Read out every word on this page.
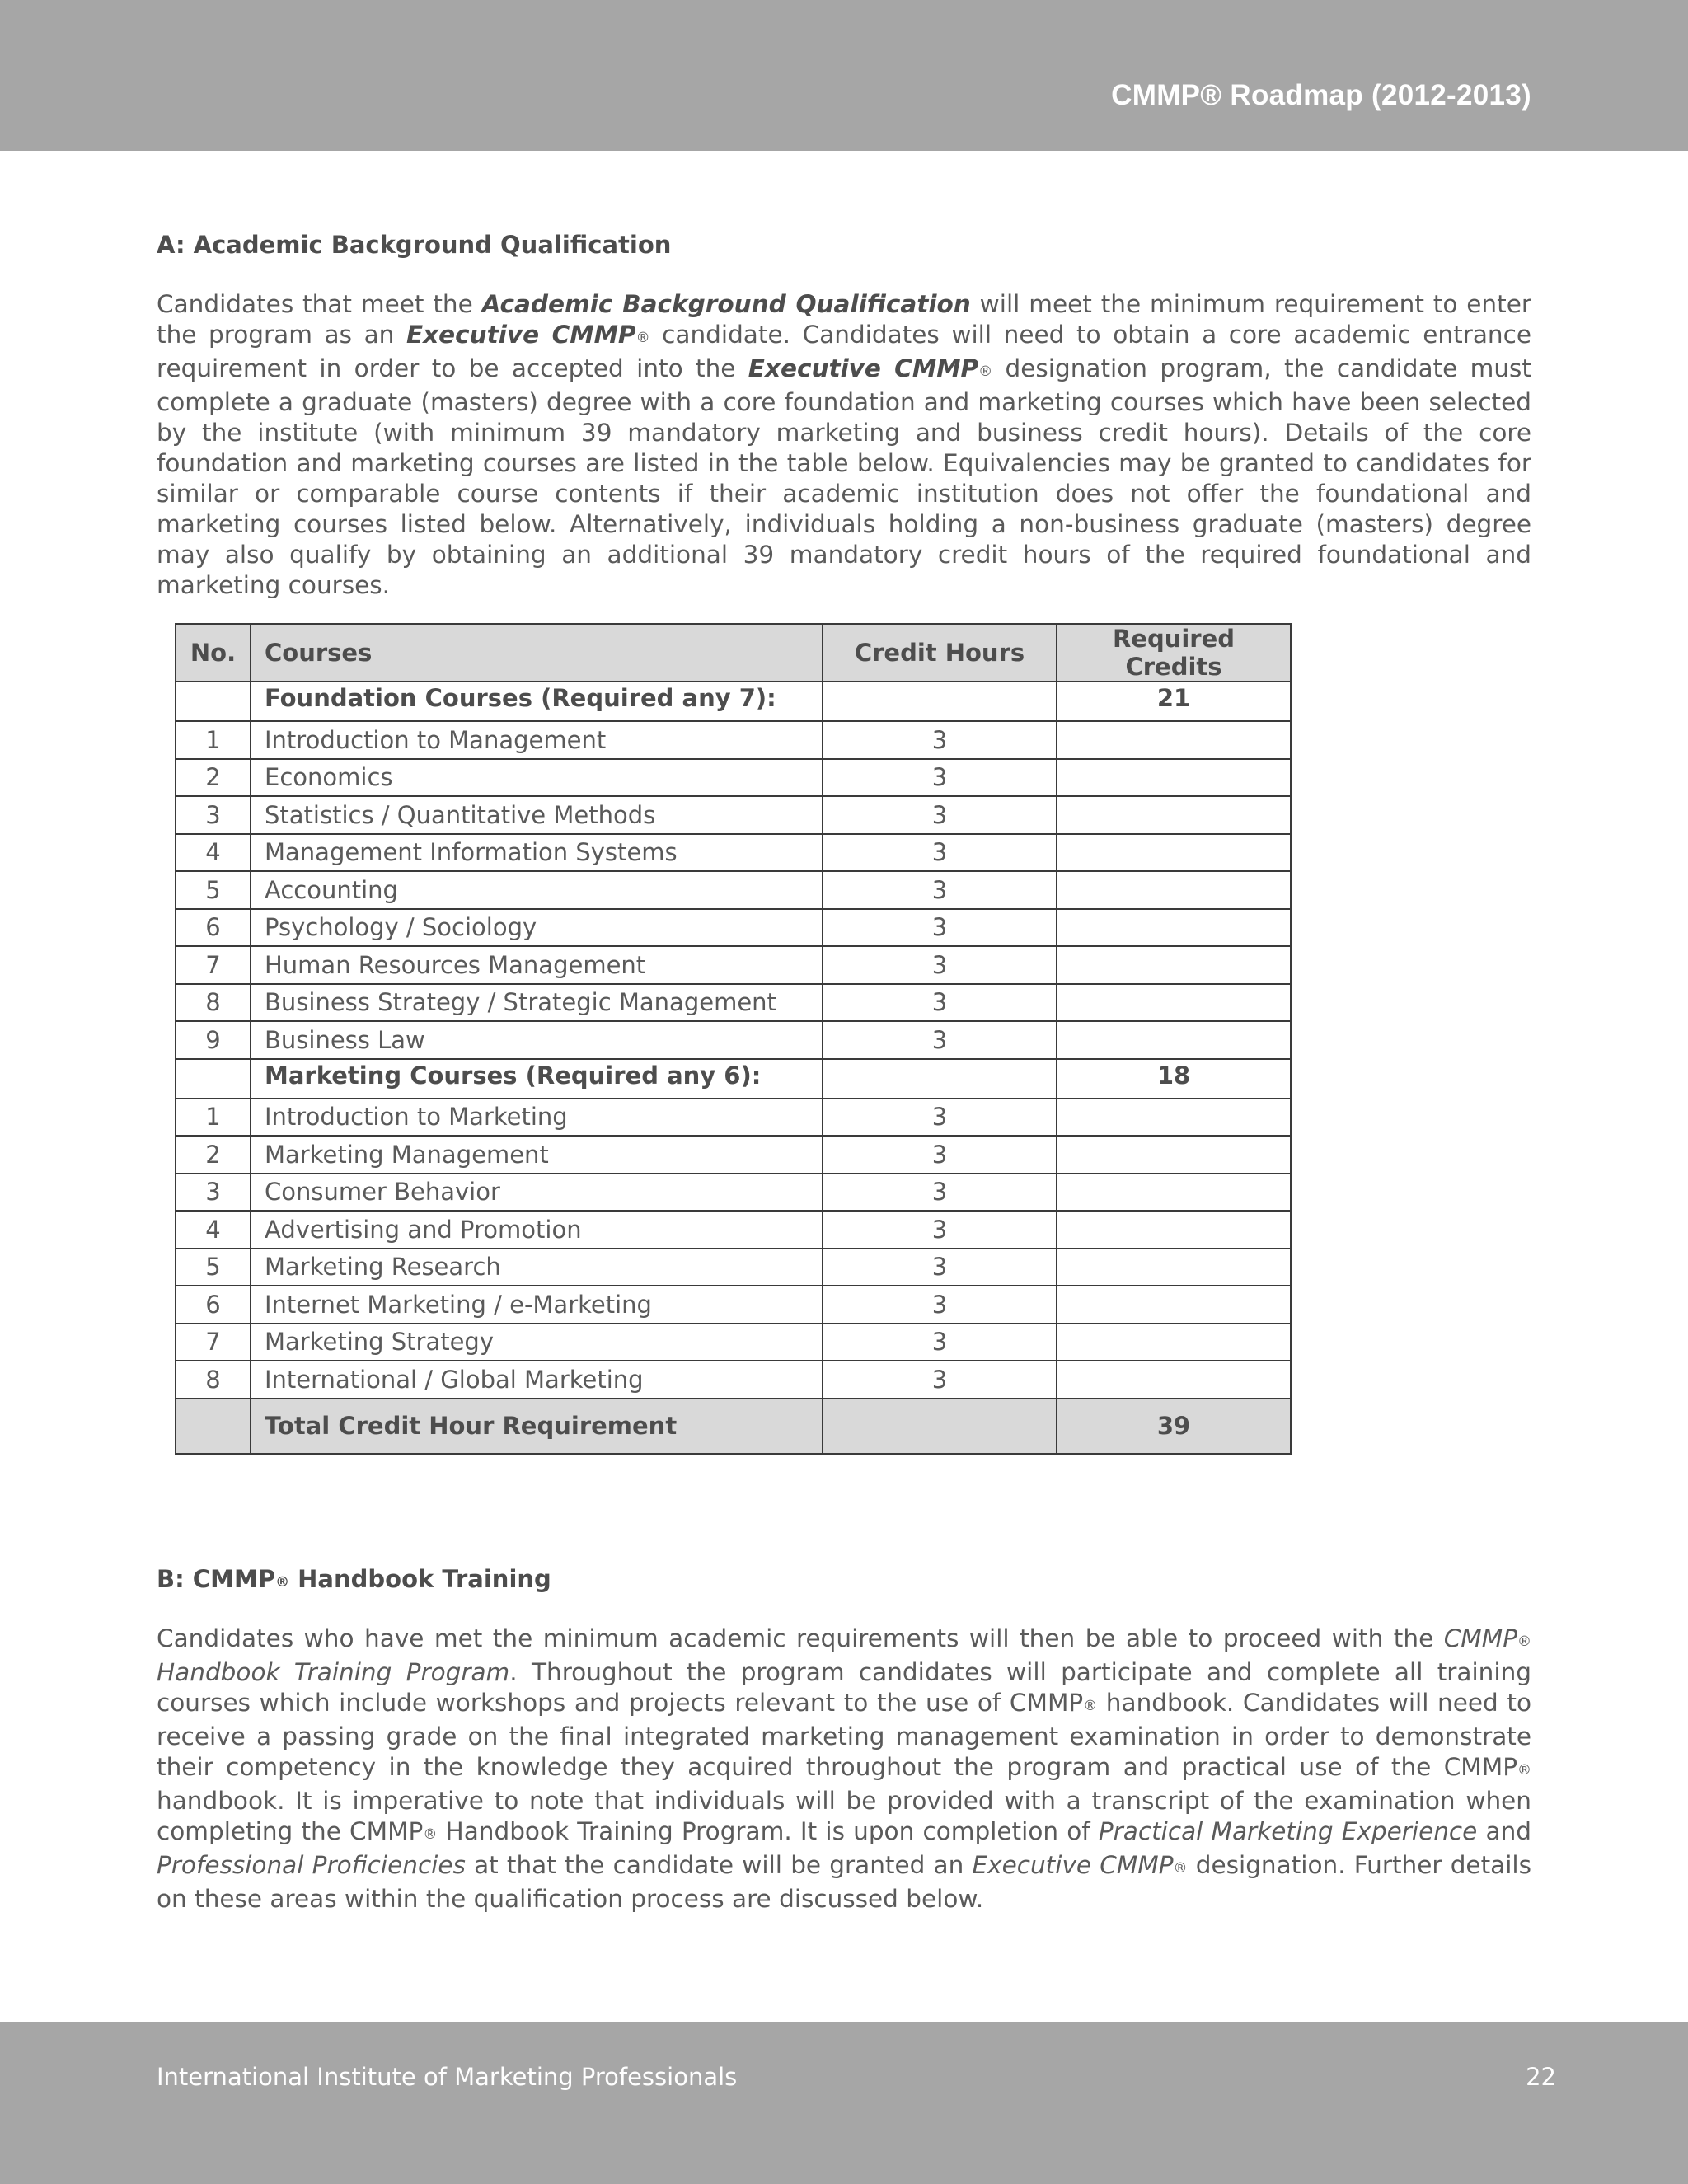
CMMP® Roadmap (2012-2013)
A: Academic Background Qualification
Candidates that meet the Academic Background Qualification will meet the minimum requirement to enter the program as an Executive CMMP® candidate. Candidates will need to obtain a core academic entrance requirement in order to be accepted into the Executive CMMP® designation program, the candidate must complete a graduate (masters) degree with a core foundation and marketing courses which have been selected by the institute (with minimum 39 mandatory marketing and business credit hours). Details of the core foundation and marketing courses are listed in the table below. Equivalencies may be granted to candidates for similar or comparable course contents if their academic institution does not offer the foundational and marketing courses listed below. Alternatively, individuals holding a non-business graduate (masters) degree may also qualify by obtaining an additional 39 mandatory credit hours of the required foundational and marketing courses.
No.	Courses	Credit Hours	Required Credits
	Foundation Courses (Required any 7):		21
1	Introduction to Management	3	
2	Economics	3	
3	Statistics / Quantitative Methods	3	
4	Management Information Systems	3	
5	Accounting	3	
6	Psychology / Sociology	3	
7	Human Resources Management	3	
8	Business Strategy / Strategic Management	3	
9	Business Law	3	
	Marketing Courses (Required any 6):		18
1	Introduction to Marketing	3	
2	Marketing Management	3	
3	Consumer Behavior	3	
4	Advertising and Promotion	3	
5	Marketing Research	3	
6	Internet Marketing / e-Marketing	3	
7	Marketing Strategy	3	
8	International / Global Marketing	3	
	Total Credit Hour Requirement		39
B: CMMP® Handbook Training
Candidates who have met the minimum academic requirements will then be able to proceed with the CMMP® Handbook Training Program. Throughout the program candidates will participate and complete all training courses which include workshops and projects relevant to the use of CMMP® handbook. Candidates will need to receive a passing grade on the final integrated marketing management examination in order to demonstrate their competency in the knowledge they acquired throughout the program and practical use of the CMMP® handbook. It is imperative to note that individuals will be provided with a transcript of the examination when completing the CMMP® Handbook Training Program. It is upon completion of Practical Marketing Experience and Professional Proficiencies at that the candidate will be granted an Executive CMMP® designation. Further details on these areas within the qualification process are discussed below.
International Institute of Marketing Professionals	22
